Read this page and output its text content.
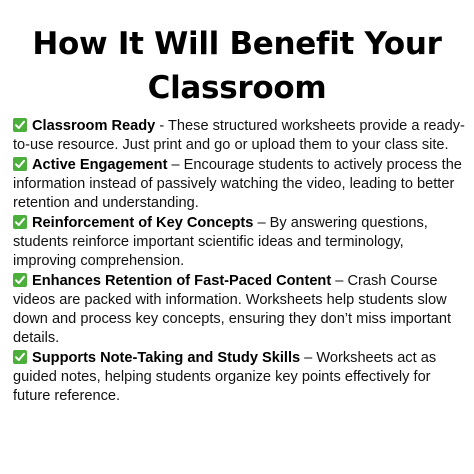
How It Will Benefit Your
Classroom
Classroom Ready - These structured worksheets provide a ready-to-use resource. Just print and go or upload them to your class site.
Active Engagement – Encourage students to actively process the information instead of passively watching the video, leading to better retention and understanding.
Reinforcement of Key Concepts – By answering questions, students reinforce important scientific ideas and terminology, improving comprehension.
Enhances Retention of Fast-Paced Content – Crash Course videos are packed with information. Worksheets help students slow down and process key concepts, ensuring they don’t miss important details.
Supports Note-Taking and Study Skills – Worksheets act as guided notes, helping students organize key points effectively for future reference.
